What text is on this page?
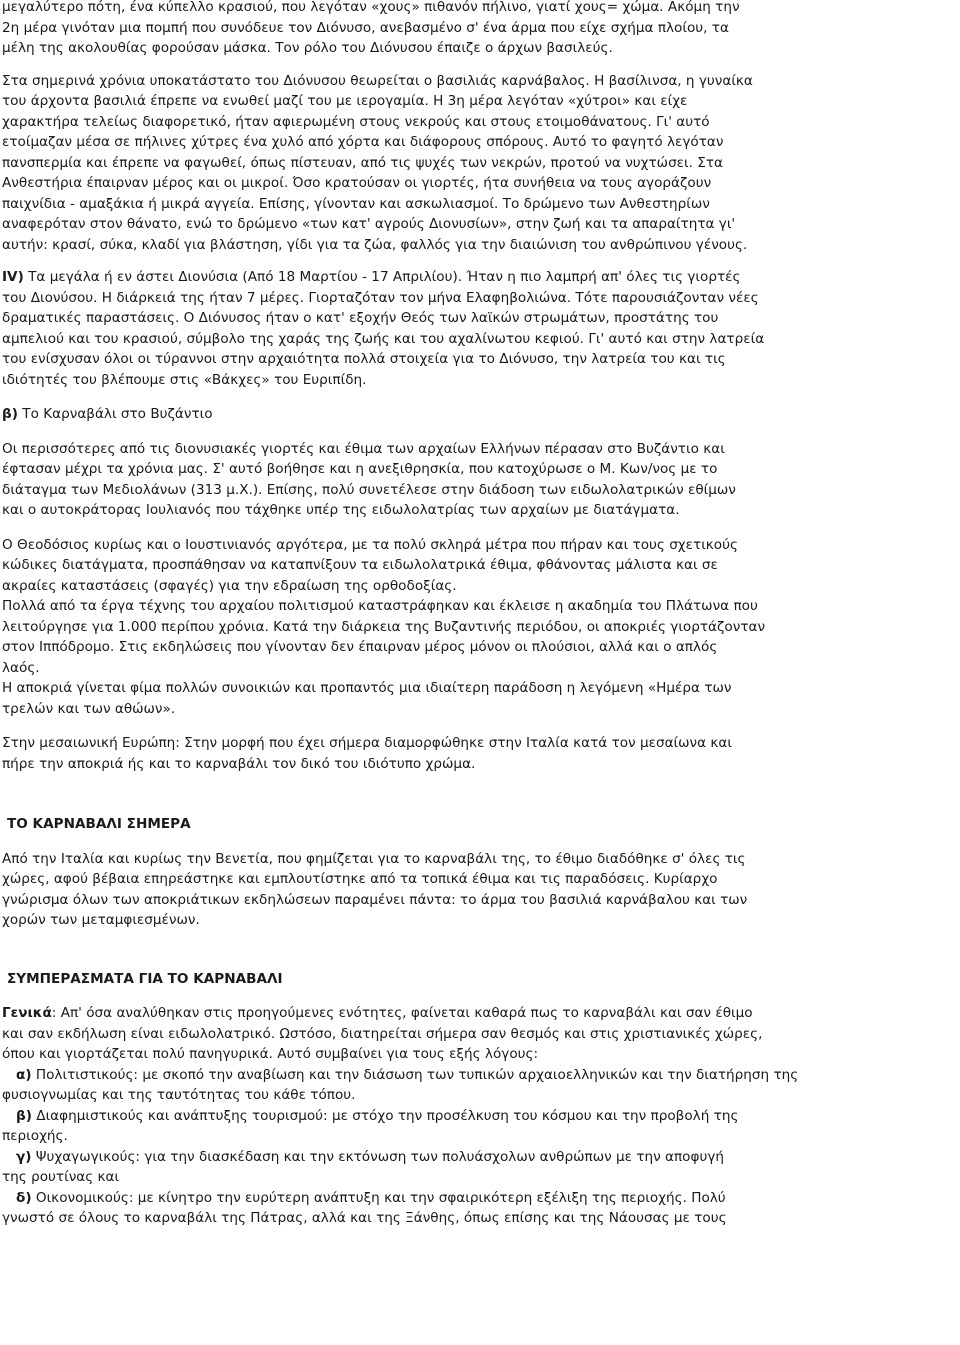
μεγαλύτερο πότη, ένα κύπελλο κρασιού, που λεγόταν «χους» πιθανόν πήλινο, γιατί χους= χώμα. Ακόμη την

2η μέρα γινόταν μια πομπή που συνόδευε τον Διόνυσο, ανεβασμένο σ' ένα άρμα που είχε σχήμα πλοίου, τα

μέλη της ακολουθίας φορούσαν μάσκα. Τον ρόλο του Διόνυσου έπαιζε ο άρχων βασιλεύς.

Στα σημερινά χρόνια υποκατάστατο του Διόνυσου θεωρείται ο βασιλιάς καρνάβαλος. Η βασίλινσα, η γυναίκα

του άρχοντα βασιλιά έπρεπε να ενωθεί μαζί του με ιερογαμία. Η 3η μέρα λεγόταν «χύτροι» και είχε

χαρακτήρα τελείως διαφορετικό, ήταν αφιερωμένη στους νεκρούς και στους ετοιμοθάνατους. Γι' αυτό

ετοίμαζαν μέσα σε πήλινες χύτρες ένα χυλό από χόρτα και διάφορους σπόρους. Αυτό το φαγητό λεγόταν

πανσπερμία και έπρεπε να φαγωθεί, όπως πίστευαν, από τις ψυχές των νεκρών, προτού να νυχτώσει. Στα

Ανθεστήρια έπαιρναν μέρος και οι μικροί. Όσο κρατούσαν οι γιορτές, ήτα συνήθεια να τους αγοράζουν

παιχνίδια - αμαξάκια ή μικρά αγγεία. Επίσης, γίνονταν και ασκωλιασμοί. Το δρώμενο των Ανθεστηρίων

αναφερόταν στον θάνατο, ενώ το δρώμενο «των κατ' αγρούς Διονυσίων», στην ζωή και τα απαραίτητα γι'

αυτήν: κρασί, σύκα, κλαδί για βλάστηση, γίδι για τα ζώα, φαλλός για την διαιώνιση του ανθρώπινου γένους.

IV) Τα μεγάλα ή εν άστει Διονύσια (Από 18 Μαρτίου - 17 Απριλίου). Ήταν η πιο λαμπρή απ' όλες τις γιορτές

του Διονύσου. Η διάρκειά της ήταν 7 μέρες. Γιορταζόταν τον μήνα Ελαφηβολιώνα. Τότε παρουσιάζονταν νέες

δραματικές παραστάσεις. Ο Διόνυσος ήταν ο κατ' εξοχήν Θεός των λαϊκών στρωμάτων, προστάτης του

αμπελιού και του κρασιού, σύμβολο της χαράς της ζωής και του αχαλίνωτου κεφιού. Γι' αυτό και στην λατρεία

του ενίσχυσαν όλοι οι τύραννοι στην αρχαιότητα πολλά στοιχεία για το Διόνυσο, την λατρεία του και τις

ιδιότητές του βλέπουμε στις «Βάκχες» του Ευριπίδη.

β) Το Καρναβάλι στο Βυζάντιο

Οι περισσότερες από τις διονυσιακές γιορτές και έθιμα των αρχαίων Ελλήνων πέρασαν στο Βυζάντιο και

έφτασαν μέχρι τα χρόνια μας. Σ' αυτό βοήθησε και η ανεξιθρησκία, που κατοχύρωσε ο Μ. Κων/νος με το

διάταγμα των Μεδιολάνων (313 μ.Χ.). Επίσης, πολύ συνετέλεσε στην διάδοση των ειδωλολατρικών εθίμων

και ο αυτοκράτορας Ιουλιανός που τάχθηκε υπέρ της ειδωλολατρίας των αρχαίων με διατάγματα.

Ο Θεοδόσιος κυρίως και ο Ιουστινιανός αργότερα, με τα πολύ σκληρά μέτρα που πήραν και τους σχετικούς

κώδικες διατάγματα, προσπάθησαν να καταπνίξουν τα ειδωλολατρικά έθιμα, φθάνοντας μάλιστα και σε

ακραίες καταστάσεις (σφαγές) για την εδραίωση της ορθοδοξίας.

Πολλά από τα έργα τέχνης του αρχαίου πολιτισμού καταστράφηκαν και έκλεισε η ακαδημία του Πλάτωνα που

λειτούργησε για 1.000 περίπου χρόνια. Κατά την διάρκεια της Βυζαντινής περιόδου, οι αποκριές γιορτάζονταν

στον Ιππόδρομο. Στις εκδηλώσεις που γίνονταν δεν έπαιρναν μέρος μόνον οι πλούσιοι, αλλά και ο απλός

λαός.

Η αποκριά γίνεται φίμα πολλών συνοικιών και προπαντός μια ιδιαίτερη παράδοση η λεγόμενη «Ημέρα των

τρελών και των αθώων».

Στην μεσαιωνική Ευρώπη: Στην μορφή που έχει σήμερα διαμορφώθηκε στην Ιταλία κατά τον μεσαίωνα και

πήρε την αποκριά ής και το καρναβάλι τον δικό του ιδιότυπο χρώμα.

ΤΟ ΚΑΡΝΑΒΑΛΙ ΣΗΜΕΡΑ

Από την Ιταλία και κυρίως την Βενετία, που φημίζεται για το καρναβάλι της, το έθιμο διαδόθηκε σ' όλες τις

χώρες, αφού βέβαια επηρεάστηκε και εμπλουτίστηκε από τα τοπικά έθιμα και τις παραδόσεις. Κυρίαρχο

γνώρισμα όλων των αποκριάτικων εκδηλώσεων παραμένει πάντα: το άρμα του βασιλιά καρνάβαλου και των

χορών των μεταμφιεσμένων.

ΣΥΜΠΕΡΑΣΜΑΤΑ ΓΙΑ ΤΟ ΚΑΡΝΑΒΑΛΙ

Γενικά: Απ' όσα αναλύθηκαν στις προηγούμενες ενότητες, φαίνεται καθαρά πως το καρναβάλι και σαν έθιμο

και σαν εκδήλωση είναι ειδωλολατρικό. Ωστόσο, διατηρείται σήμερα σαν θεσμός και στις χριστιανικές χώρες,

όπου και γιορτάζεται πολύ πανηγυρικά. Αυτό συμβαίνει για τους εξής λόγους:

α) Πολιτιστικούς: με σκοπό την αναβίωση και την διάσωση των τυπικών αρχαιοελληνικών και την διατήρηση της

φυσιογνωμίας και της ταυτότητας του κάθε τόπου.

β) Διαφημιστικούς και ανάπτυξης τουρισμού: με στόχο την προσέλκυση του κόσμου και την προβολή της

περιοχής.

γ) Ψυχαγωγικούς: για την διασκέδαση και την εκτόνωση των πολυάσχολων ανθρώπων με την αποφυγή

της ρουτίνας και

δ) Οικονομικούς: με κίνητρο την ευρύτερη ανάπτυξη και την σφαιρικότερη εξέλιξη της περιοχής. Πολύ

γνωστό σε όλους το καρναβάλι της Πάτρας, αλλά και της Ξάνθης, όπως επίσης και της Νάουσας με τους
